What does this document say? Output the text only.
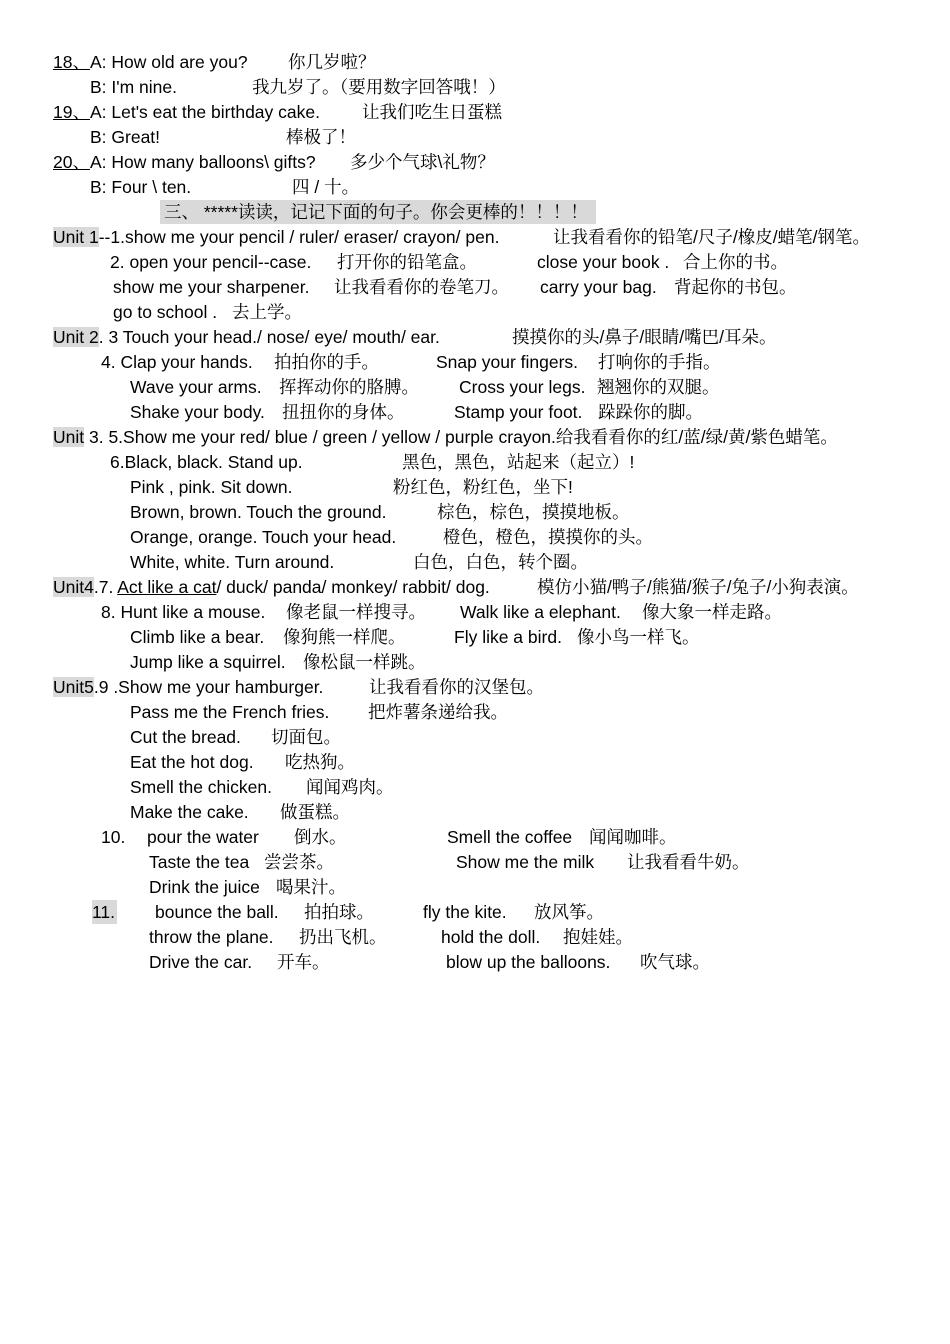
18、A: How old are you? 你几岁啦？
B: I'm nine.	我九岁了。（要用数字回答哦！）
19、A: Let's eat the birthday cake. 让我们吃生日蛋糕
B: Great!	棒极了！
20、A: How many balloons\ gifts? 多少个气球\礼物？
B: Four \ ten.	四 / 十。
三、 *****读读，记记下面的句子。你会更棒的！！！！
Unit 1--1.show me your pencil / ruler/ eraser/ crayon/ pen.	让我看看你的铅笔/尺子/橡皮/蜡笔/钢笔。
2. open your pencil--case. 打开你的铅笔盒。	close your book . 合上你的书。
show me your sharpener. 让我看看你的卷笔刀。 carry your bag. 背起你的书包。
go to school . 去上学。
Unit 2. 3 Touch your head./ nose/ eye/ mouth/ ear.	摸摸你的头/鼻子/眼睛/嘴巴/耳朵。
4. Clap your hands. 拍拍你的手。	Snap your fingers. 打响你的手指。
Wave your arms. 挥挥动你的胳膊。 Cross your legs. 翘翘你的双腿。
Shake your body. 扭扭你的身体。	Stamp your foot. 跺跺你的脚。
Unit 3. 5.Show me your red/ blue / green / yellow / purple crayon.给我看看你的红/蓝/绿/黄/紫色蜡笔。
6.Black, black. Stand up.	黑色，黑色，站起来（起立）!
Pink , pink. Sit down.	粉红色，粉红色，坐下!
Brown, brown. Touch the ground.	棕色，棕色，摸摸地板。
Orange, orange. Touch your head.	橙色，橙色，摸摸你的头。
White, white. Turn around.	白色，白色，转个圈。
Unit4.7. Act like a cat/ duck/ panda/ monkey/ rabbit/ dog.	模仿小猫/鸭子/熊猫/猴子/兔子/小狗表演。
8. Hunt like a mouse. 像老鼠一样搜寻。 Walk like a elephant. 像大象一样走路。
Climb like a bear. 像狗熊一样爬。	Fly like a bird. 像小鸟一样飞。
Jump like a squirrel. 像松鼠一样跳。
Unit5.9 .Show me your hamburger.	让我看看你的汉堡包。
Pass me the French fries. 把炸薯条递给我。
Cut the bread. 切面包。
Eat the hot dog. 吃热狗。
Smell the chicken. 闻闻鸡肉。
Make the cake. 做蛋糕。
10. pour the water 倒水。	Smell the coffee 闻闻咖啡。
Taste the tea 尝尝茶。	Show me the milk 让我看看牛奶。
Drink the juice 喝果汁。
11. bounce the ball. 拍拍球。	fly the kite. 放风筝。
throw the plane. 扔出飞机。	hold the doll. 抱娃娃。
Drive the car. 开车。	blow up the balloons. 吹气球。
